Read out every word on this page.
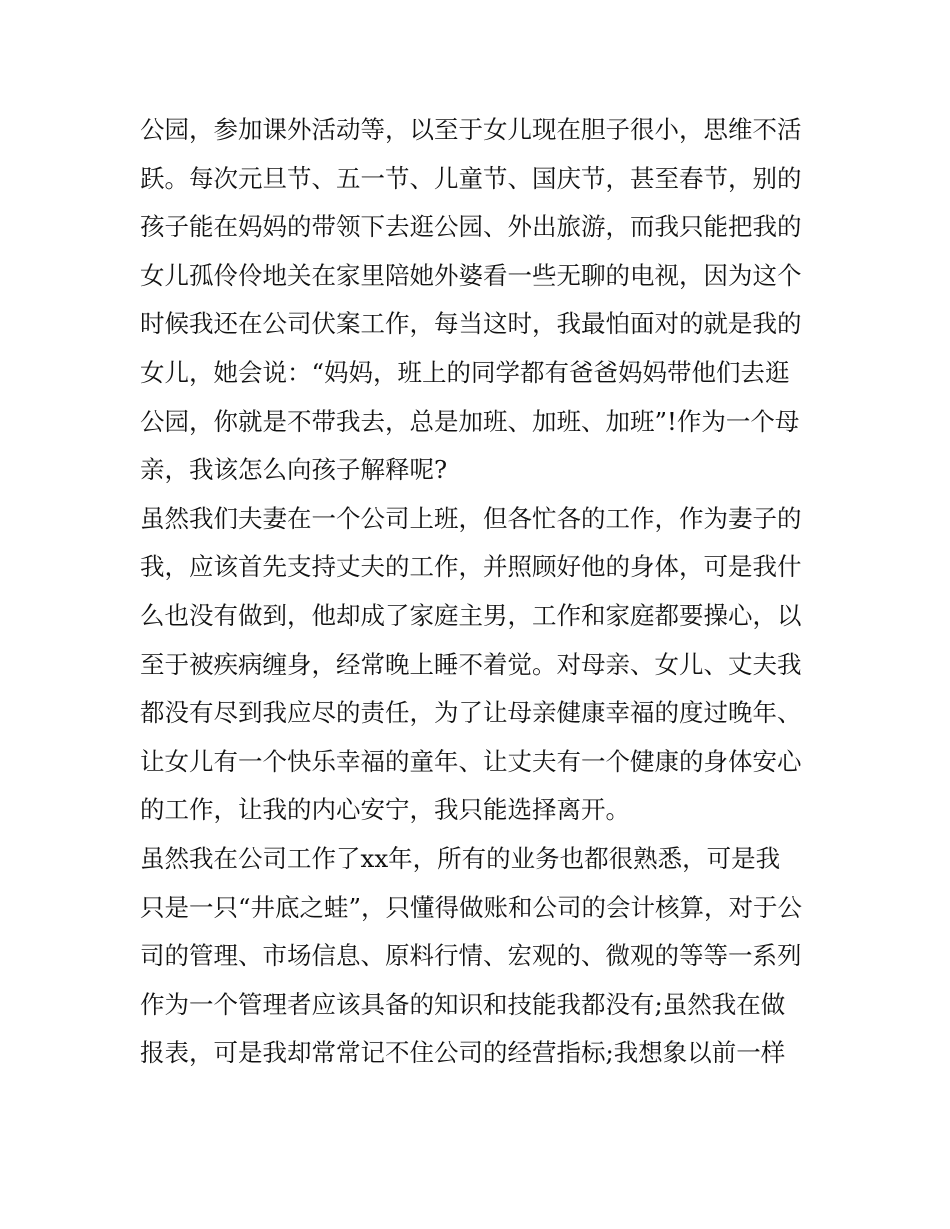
公园，参加课外活动等，以至于女儿现在胆子很小，思维不活
跃。每次元旦节、五一节、儿童节、国庆节，甚至春节，别的
孩子能在妈妈的带领下去逛公园、外出旅游，而我只能把我的
女儿孤伶伶地关在家里陪她外婆看一些无聊的电视，因为这个
时候我还在公司伏案工作，每当这时，我最怕面对的就是我的
女儿，她会说：“妈妈，班上的同学都有爸爸妈妈带他们去逛
公园，你就是不带我去，总是加班、加班、加班”!作为一个母
亲，我该怎么向孩子解释呢?
虽然我们夫妻在一个公司上班，但各忙各的工作，作为妻子的
我，应该首先支持丈夫的工作，并照顾好他的身体，可是我什
么也没有做到，他却成了家庭主男，工作和家庭都要操心，以
至于被疾病缠身，经常晚上睡不着觉。对母亲、女儿、丈夫我
都没有尽到我应尽的责任，为了让母亲健康幸福的度过晚年、
让女儿有一个快乐幸福的童年、让丈夫有一个健康的身体安心
的工作，让我的内心安宁，我只能选择离开。
虽然我在公司工作了xx年，所有的业务也都很熟悉，可是我
只是一只“井底之蛙”，只懂得做账和公司的会计核算，对于公
司的管理、市场信息、原料行情、宏观的、微观的等等一系列
作为一个管理者应该具备的知识和技能我都没有;虽然我在做
报表，可是我却常常记不住公司的经营指标;我想象以前一样
